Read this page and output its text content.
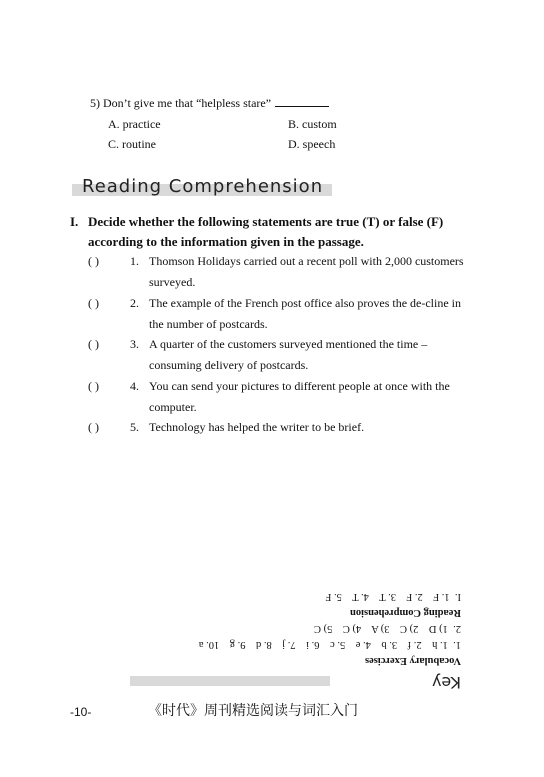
5) Don’t give me that “helpless stare”
A. practice	B. custom
C. routine	D. speech
Reading Comprehension
I. Decide whether the following statements are true (T) or false (F) according to the information given in the passage.
( )	1. Thomson Holidays carried out a recent poll with 2,000 customers surveyed.
( )	2. The example of the French post office also proves the de-cline in the number of postcards.
( )	3. A quarter of the customers surveyed mentioned the time – consuming delivery of postcards.
( )	4. You can send your pictures to different people at once with the computer.
( )	5. Technology has helped the writer to be brief.
Key
Vocabulary Exercises
1.  1. h    2. f    3. b    4. e    5. c    6. i    7. j    8. d    9. g    10. a
2.  1) D    2) C    3) A    4) C    5) C
Reading Comprehension
I.  1. F    2. F    3. T    4. T    5. F
-10-	《时代》周刊精选阅读与词汇入门
